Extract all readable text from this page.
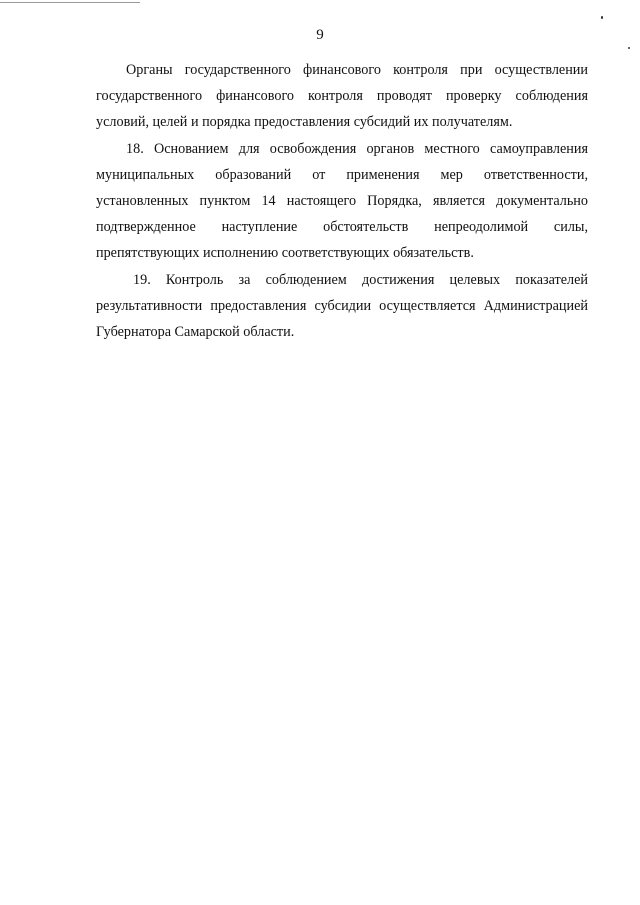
9

Органы государственного финансового контроля при осуществлении государственного финансового контроля проводят проверку соблюдения условий, целей и порядка предоставления субсидий их получателям.

18. Основанием для освобождения органов местного самоуправления муниципальных образований от применения мер ответственности, установленных пунктом 14 настоящего Порядка, является документально подтвержденное наступление обстоятельств непреодолимой силы, препятствующих исполнению соответствующих обязательств.

19. Контроль за соблюдением достижения целевых показателей результативности предоставления субсидии осуществляется Администрацией Губернатора Самарской области.
